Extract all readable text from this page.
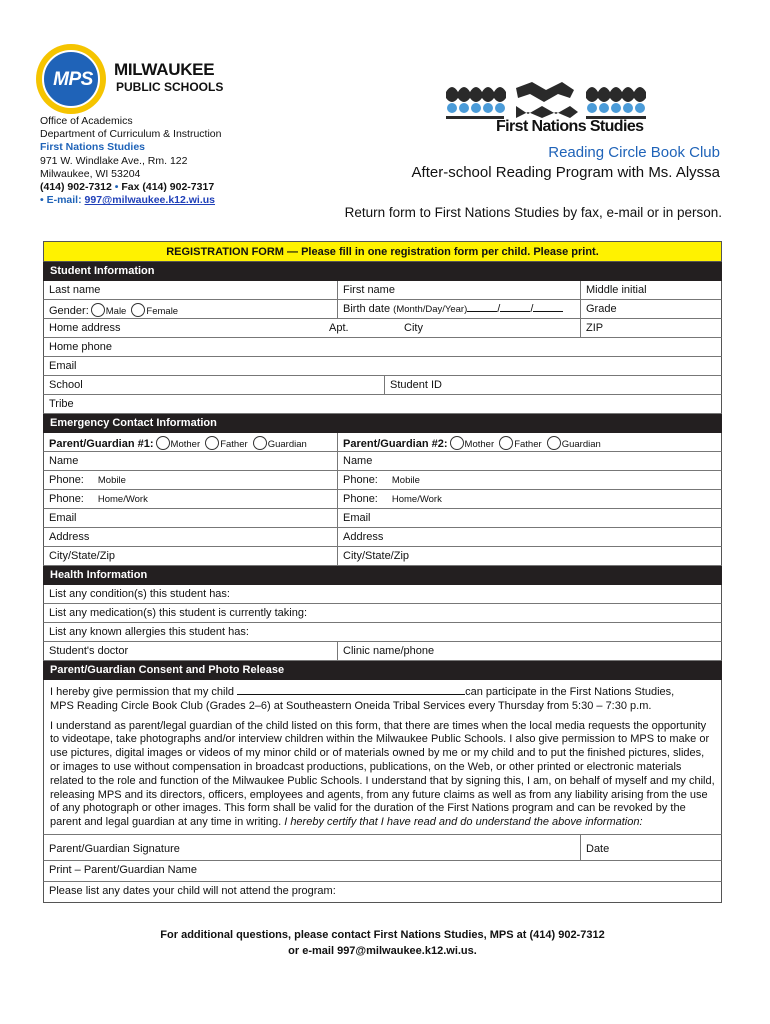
MPS	MILWAUKEE
PUBLIC SCHOOLS
Office of Academics
Department of Curriculum & Instruction
First Nations Studies
971 W. Windlake Ave., Rm. 122
Milwaukee, WI 53204
(414) 902-7312 • Fax (414) 902-7317
• E-mail: 997@milwaukee.k12.wi.us
First Nations Studies
Reading Circle Book Club
After-school Reading Program with Ms. Alyssa
Return form to First Nations Studies by fax, e-mail or in person.
REGISTRATION FORM — Please fill in one registration form per child. Please print.
Student Information
Last name	First name	Middle initial
Gender: Male Female	Birth date (Month/Day/Year)	/	/	Grade
Home address	Apt.	City	ZIP
Home phone
Email
School	Student ID
Tribe
Emergency Contact Information
Parent/Guardian #1: Mother Father Guardian	Parent/Guardian #2: Mother Father Guardian
Name	Name
Phone: Mobile	Phone: Mobile
Phone: Home/Work	Phone: Home/Work
Email	Email
Address	Address
City/State/Zip	City/State/Zip
Health Information
List any condition(s) this student has:
List any medication(s) this student is currently taking:
List any known allergies this student has:
Student's doctor	Clinic name/phone
Parent/Guardian Consent and Photo Release

I hereby give permission that my child	can participate in the First Nations Studies,
MPS Reading Circle Book Club (Grades 2–6) at Southeastern Oneida Tribal Services every Thursday from 5:30 – 7:30 p.m.

I understand as parent/legal guardian of the child listed on this form, that there are times when the local media requests the opportunity to videotape, take photographs and/or interview children within the Milwaukee Public Schools. I also give permission to MPS to make or use pictures, digital images or videos of my minor child or of materials owned by me or my child and to put the finished pictures, slides, or images to use without compensation in broadcast productions, publications, on the Web, or other printed or electronic materials related to the role and function of the Milwaukee Public Schools. I understand that by signing this, I am, on behalf of myself and my child, releasing MPS and its directors, officers, employees and agents, from any future claims as well as from any liability arising from the use of any photograph or other images. This form shall be valid for the duration of the First Nations program and can be revoked by the parent and legal guardian at any time in writing. I hereby certify that I have read and do understand the above information:

Parent/Guardian Signature	Date
Print – Parent/Guardian Name
Please list any dates your child will not attend the program:
For additional questions, please contact First Nations Studies, MPS at (414) 902-7312
or e-mail 997@milwaukee.k12.wi.us.
